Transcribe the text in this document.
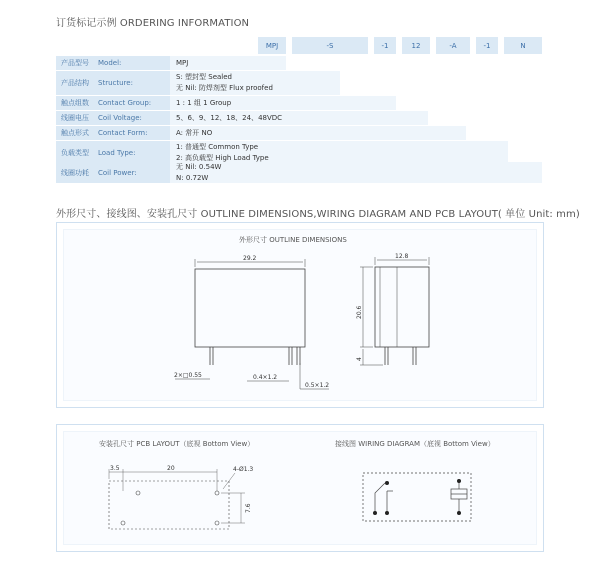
订货标记示例 ORDERING INFORMATION
MPJ	-S	-1	12	-A	-1	N
产品型号	Model:	MPJ
产品结构	Structure:
S: 塑封型 Sealed
无 Nil: 防焊剂型 Flux proofed
触点组数	Contact Group:	1 : 1 组 1 Group
线圈电压	Coil Voltage:	5、6、9、12、18、24、48VDC
触点形式	Contact Form:	A: 常开 NO
负载类型	Load Type:
1: 普通型 Common Type
2: 高负载型 High Load Type
线圈功耗	Coil Power:
无 Nil: 0.54W
N: 0.72W
外形尺寸、接线图、安装孔尺寸 OUTLINE DIMENSIONS,WIRING DIAGRAM AND PCB LAYOUT( 单位 Unit: mm)
外形尺寸 OUTLINE DIMENSIONS
29.2	12.8
20.6
4
2×□0.55	0.4×1.2
0.5×1.2
安装孔尺寸 PCB LAYOUT（底视 Bottom View）	接线图 WIRING DIAGRAM（底视 Bottom View）
3.5	20	4-Ø1.3
7.6
